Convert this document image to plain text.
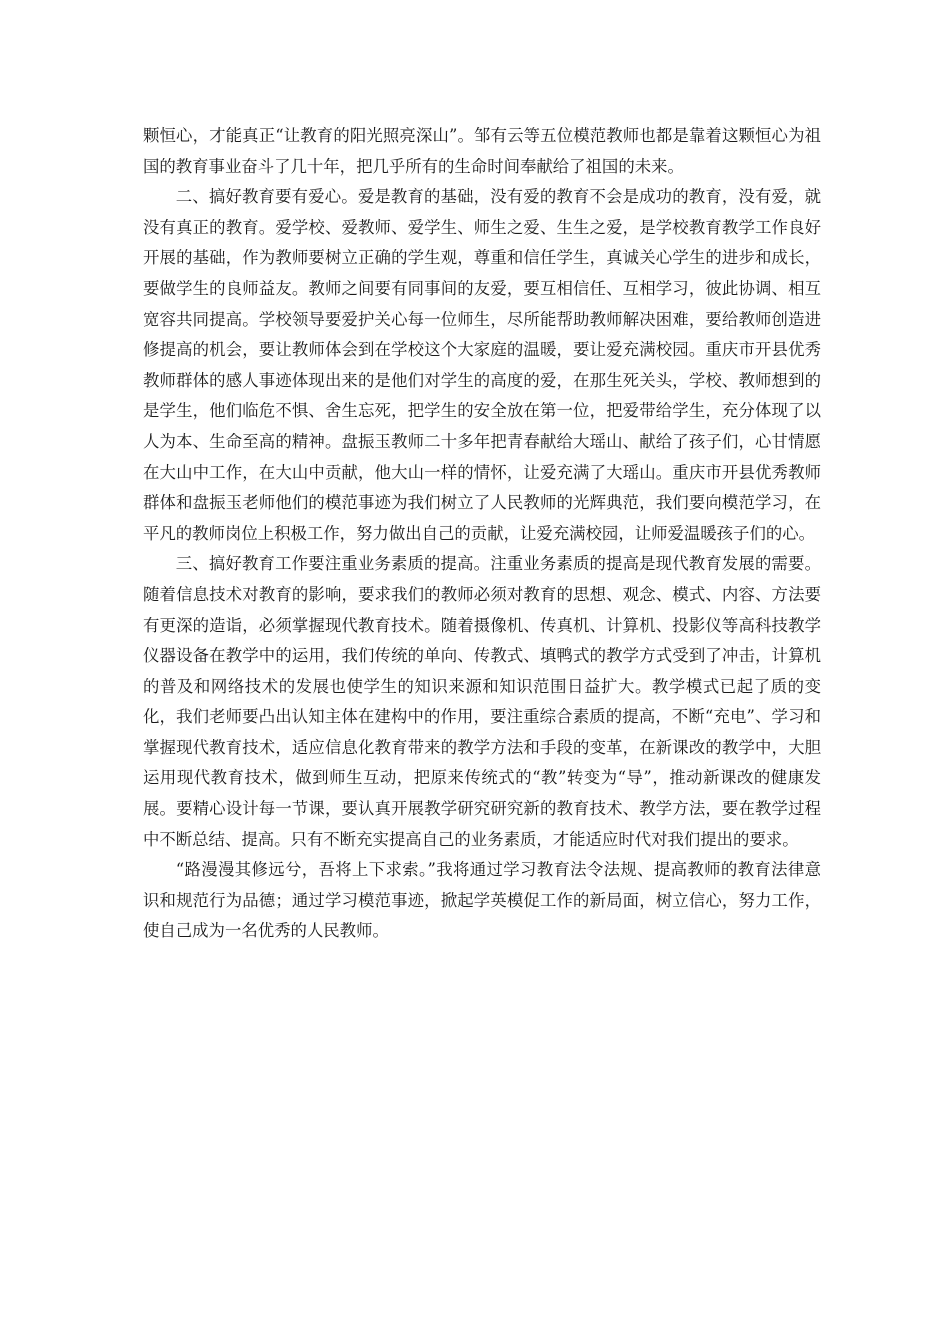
颗恒心，才能真正“让教育的阳光照亮深山”。邹有云等五位模范教师也都是靠着这颗恒心为祖国的教育事业奋斗了几十年，把几乎所有的生命时间奉献给了祖国的未来。

二、搞好教育要有爱心。爱是教育的基础，没有爱的教育不会是成功的教育，没有爱，就没有真正的教育。爱学校、爱教师、爱学生、师生之爱、生生之爱，是学校教育教学工作良好开展的基础，作为教师要树立正确的学生观，尊重和信任学生，真诚关心学生的进步和成长，要做学生的良师益友。教师之间要有同事间的友爱，要互相信任、互相学习，彼此协调、相互宽容共同提高。学校领导要爱护关心每一位师生，尽所能帮助教师解决困难，要给教师创造进修提高的机会，要让教师体会到在学校这个大家庭的温暖，要让爱充满校园。重庆市开县优秀教师群体的感人事迹体现出来的是他们对学生的高度的爱，在那生死关头，学校、教师想到的是学生，他们临危不惧、舍生忘死，把学生的安全放在第一位，把爱带给学生，充分体现了以人为本、生命至高的精神。盘振玉教师二十多年把青春献给大瑶山、献给了孩子们，心甘情愿在大山中工作，在大山中贡献，他大山一样的情怀，让爱充满了大瑶山。重庆市开县优秀教师群体和盘振玉老师他们的模范事迹为我们树立了人民教师的光辉典范，我们要向模范学习，在平凡的教师岗位上积极工作，努力做出自己的贡献，让爱充满校园，让师爱温暖孩子们的心。

三、搞好教育工作要注重业务素质的提高。注重业务素质的提高是现代教育发展的需要。随着信息技术对教育的影响，要求我们的教师必须对教育的思想、观念、模式、内容、方法要有更深的造诣，必须掌握现代教育技术。随着摄像机、传真机、计算机、投影仪等高科技教学仪器设备在教学中的运用，我们传统的单向、传教式、填鸭式的教学方式受到了冲击，计算机的普及和网络技术的发展也使学生的知识来源和知识范围日益扩大。教学模式已起了质的变化，我们老师要凸出认知主体在建构中的作用，要注重综合素质的提高，不断“充电”、学习和掌握现代教育技术，适应信息化教育带来的教学方法和手段的变革，在新课改的教学中，大胆运用现代教育技术，做到师生互动，把原来传统式的“教”转变为“导”，推动新课改的健康发展。要精心设计每一节课，要认真开展教学研究研究新的教育技术、教学方法，要在教学过程中不断总结、提高。只有不断充实提高自己的业务素质，才能适应时代对我们提出的要求。

“路漫漫其修远兮，吾将上下求索。”我将通过学习教育法令法规、提高教师的教育法律意识和规范行为品德；通过学习模范事迹，掀起学英模促工作的新局面，树立信心，努力工作，使自己成为一名优秀的人民教师。
